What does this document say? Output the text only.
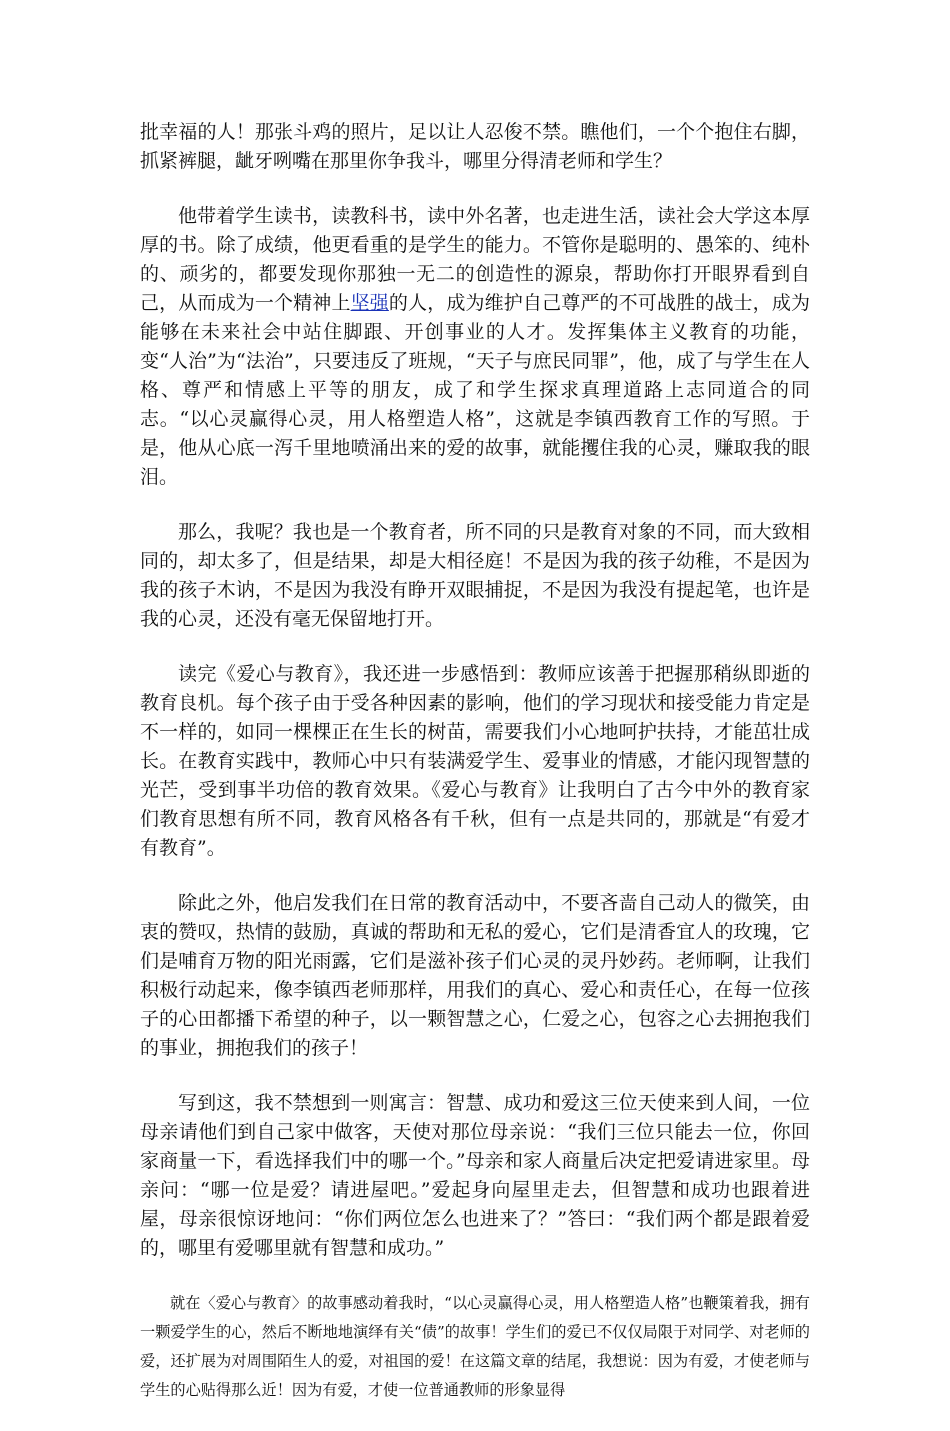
批幸福的人！那张斗鸡的照片，足以让人忍俊不禁。瞧他们，一个个抱住右脚，抓紧裤腿，龇牙咧嘴在那里你争我斗，哪里分得清老师和学生？

他带着学生读书，读教科书，读中外名著，也走进生活，读社会大学这本厚厚的书。除了成绩，他更看重的是学生的能力。不管你是聪明的、愚笨的、纯朴的、顽劣的，都要发现你那独一无二的创造性的源泉，帮助你打开眼界看到自己，从而成为一个精神上坚强的人，成为维护自己尊严的不可战胜的战士，成为能够在未来社会中站住脚跟、开创事业的人才。发挥集体主义教育的功能，变“人治”为“法治”，只要违反了班规，“天子与庶民同罪”，他，成了与学生在人格、尊严和情感上平等的朋友，成了和学生探求真理道路上志同道合的同志。“以心灵赢得心灵，用人格塑造人格”，这就是李镇西教育工作的写照。于是，他从心底一泻千里地喷涌出来的爱的故事，就能攫住我的心灵，赚取我的眼泪。

那么，我呢？我也是一个教育者，所不同的只是教育对象的不同，而大致相同的，却太多了，但是结果，却是大相径庭！不是因为我的孩子幼稚，不是因为我的孩子木讷，不是因为我没有睁开双眼捕捉，不是因为我没有提起笔，也许是我的心灵，还没有毫无保留地打开。

读完《爱心与教育》，我还进一步感悟到：教师应该善于把握那稍纵即逝的教育良机。每个孩子由于受各种因素的影响，他们的学习现状和接受能力肯定是不一样的，如同一棵棵正在生长的树苗，需要我们小心地呵护扶持，才能茁壮成长。在教育实践中，教师心中只有装满爱学生、爱事业的情感，才能闪现智慧的光芒，受到事半功倍的教育效果。《爱心与教育》让我明白了古今中外的教育家们教育思想有所不同，教育风格各有千秋，但有一点是共同的，那就是“有爱才有教育”。

除此之外，他启发我们在日常的教育活动中，不要吝啬自己动人的微笑，由衷的赞叹，热情的鼓励，真诚的帮助和无私的爱心，它们是清香宜人的玫瑰，它们是哺育万物的阳光雨露，它们是滋补孩子们心灵的灵丹妙药。老师啊，让我们积极行动起来，像李镇西老师那样，用我们的真心、爱心和责任心，在每一位孩子的心田都播下希望的种子，以一颗智慧之心，仁爱之心，包容之心去拥抱我们的事业，拥抱我们的孩子！

写到这，我不禁想到一则寓言：智慧、成功和爱这三位天使来到人间，一位母亲请他们到自己家中做客，天使对那位母亲说：“我们三位只能去一位，你回家商量一下，看选择我们中的哪一个。”母亲和家人商量后决定把爱请进家里。母亲问：“哪一位是爱？请进屋吧。”爱起身向屋里走去，但智慧和成功也跟着进屋，母亲很惊讶地问：“你们两位怎么也进来了？”答曰：“我们两个都是跟着爱的，哪里有爱哪里就有智慧和成功。”

就在〈爱心与教育〉的故事感动着我时，“以心灵赢得心灵，用人格塑造人格”也鞭策着我，拥有一颗爱学生的心，然后不断地地演绎有关“债”的故事！学生们的爱已不仅仅局限于对同学、对老师的爱，还扩展为对周围陌生人的爱，对祖国的爱！在这篇文章的结尾，我想说：因为有爱，才使老师与学生的心贴得那么近！因为有爱，才使一位普通教师的形象显得
